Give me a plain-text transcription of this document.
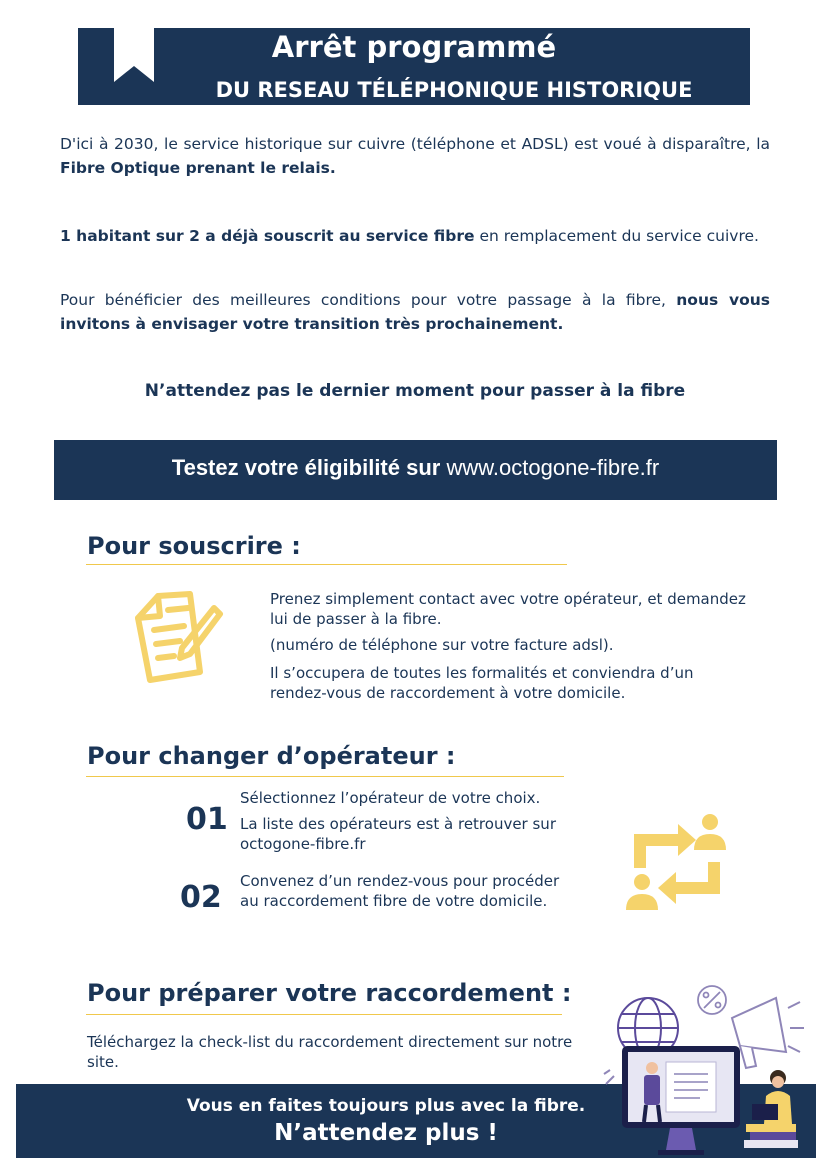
Arrêt programmé
DU RESEAU TÉLÉPHONIQUE HISTORIQUE
D'ici à 2030, le service historique sur cuivre (téléphone et ADSL) est voué à disparaître, la Fibre Optique prenant le relais.
1 habitant sur 2 a déjà souscrit au service fibre en remplacement du service cuivre.
Pour bénéficier des meilleures conditions pour votre passage à la fibre, nous vous invitons à envisager votre transition très prochainement.
N’attendez pas le dernier moment pour passer à la fibre
Testez votre éligibilité sur www.octogone-fibre.fr
Pour souscrire :
Prenez simplement contact avec votre opérateur, et demandez lui de passer à la fibre.
(numéro de téléphone sur votre facture adsl).
Il s’occupera de toutes les formalités et conviendra d’un rendez-vous de raccordement à votre domicile.
Pour changer d’opérateur :
01
Sélectionnez l’opérateur de votre choix.
La liste des opérateurs est à retrouver sur octogone-fibre.fr
02 Convenez d’un rendez-vous pour procéder au raccordement fibre de votre domicile.
Pour préparer votre raccordement :
Téléchargez la check-list du raccordement directement sur notre site.
Vous en faites toujours plus avec la fibre.
N’attendez plus !
